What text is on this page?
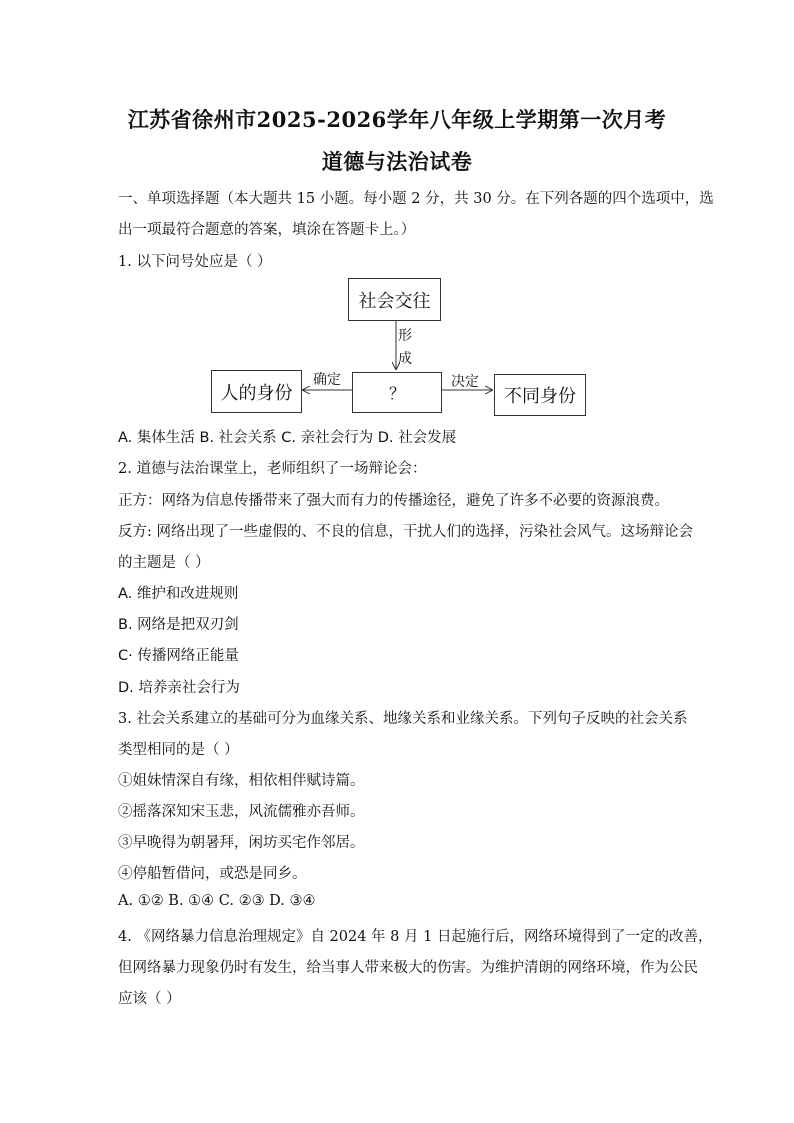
江苏省徐州市2025-2026学年八年级上学期第一次月考
道德与法治试卷
一、单项选择题（本大题共 15 小题。每小题 2 分，共 30 分。在下列各题的四个选项中，选
出一项最符合题意的答案，填涂在答题卡上。）
1. 以下问号处应是（ ）
社会交往
？
人的身份	不同身份
形
成
确定	决定
A. 集体生活 B. 社会关系 C. 亲社会行为 D. 社会发展
2. 道德与法治课堂上，老师组织了一场辩论会：
正方：网络为信息传播带来了强大而有力的传播途径，避免了许多不必要的资源浪费。
反方: 网络出现了一些虚假的、不良的信息，干扰人们的选择，污染社会风气。这场辩论会
的主题是（ ）
A. 维护和改进规则
B. 网络是把双刃剑
C· 传播网络正能量
D. 培养亲社会行为
3. 社会关系建立的基础可分为血缘关系、地缘关系和业缘关系。下列句子反映的社会关系
类型相同的是（ ）
①姐妹情深自有缘，相依相伴赋诗篇。
②摇落深知宋玉悲，风流儒雅亦吾师。
③早晚得为朝暑拜，闲坊买宅作邻居。
④停船暂借问，或恐是同乡。
A. ①② B. ①④ C. ②③ D. ③④
4. 《网络暴力信息治理规定》自 2024 年 8 月 1 日起施行后，网络环境得到了一定的改善，
但网络暴力现象仍时有发生，给当事人带来极大的伤害。为维护清朗的网络环境，作为公民
应该（ ）
